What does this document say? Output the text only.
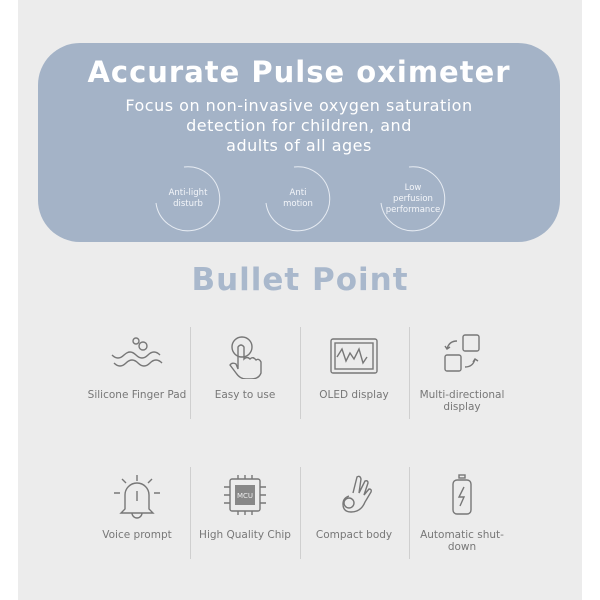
Accurate Pulse oximeter
Focus on non-invasive oxygen saturation
detection for children, and
adults of all ages
Anti-light
disturb
Anti
motion
Low
perfusion
performance
Bullet Point
Silicone Finger Pad	Easy to use	OLED display	Multi-directional display
Voice prompt
MCU
High Quality Chip	Compact body	Automatic shut-down
